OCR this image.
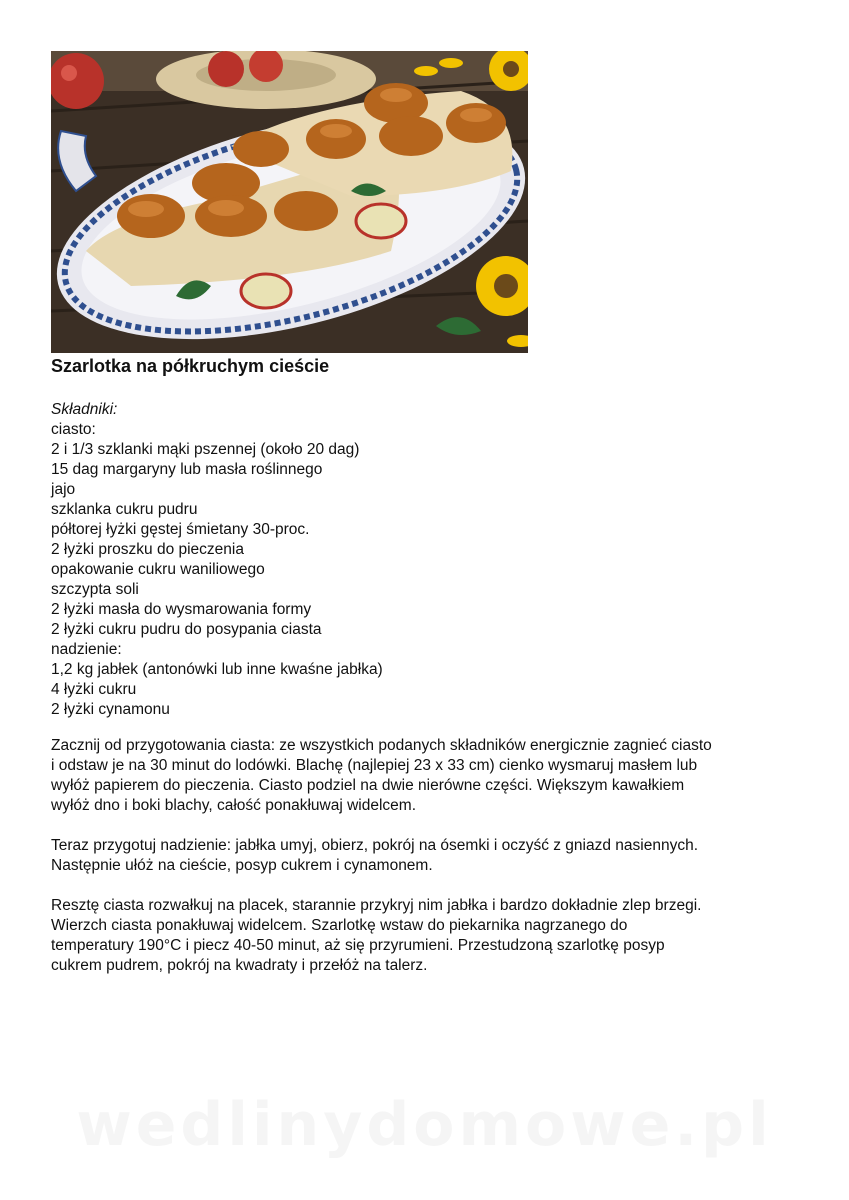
Szarlotka na półkruchym cieście
Składniki:
ciasto:
2 i 1/3 szklanki mąki pszennej (około 20 dag)
15 dag margaryny lub masła roślinnego
jajo
szklanka cukru pudru
półtorej łyżki gęstej śmietany 30-proc.
2 łyżki proszku do pieczenia
opakowanie cukru waniliowego
szczypta soli
2 łyżki masła do wysmarowania formy
2 łyżki cukru pudru do posypania ciasta
nadzienie:
1,2 kg jabłek (antonówki lub inne kwaśne jabłka)
4 łyżki cukru
2 łyżki cynamonu

Zacznij od przygotowania ciasta: ze wszystkich podanych składników energicznie zagnieć ciasto
i odstaw je na 30 minut do lodówki. Blachę (najlepiej 23 x 33 cm) cienko wysmaruj masłem lub
wyłóż papierem do pieczenia. Ciasto podziel na dwie nierówne części. Większym kawałkiem
wyłóż dno i boki blachy, całość ponakłuwaj widelcem.

Teraz przygotuj nadzienie: jabłka umyj, obierz, pokrój na ósemki i oczyść z gniazd nasiennych.
Następnie ułóż na cieście, posyp cukrem i cynamonem.

Resztę ciasta rozwałkuj na placek, starannie przykryj nim jabłka i bardzo dokładnie zlep brzegi.
Wierzch ciasta ponakłuwaj widelcem. Szarlotkę wstaw do piekarnika nagrzanego do
temperatury 190°C i piecz 40-50 minut, aż się przyrumieni. Przestudzoną szarlotkę posyp
cukrem pudrem, pokrój na kwadraty i przełóż na talerz.

wedlinydomowe.pl
